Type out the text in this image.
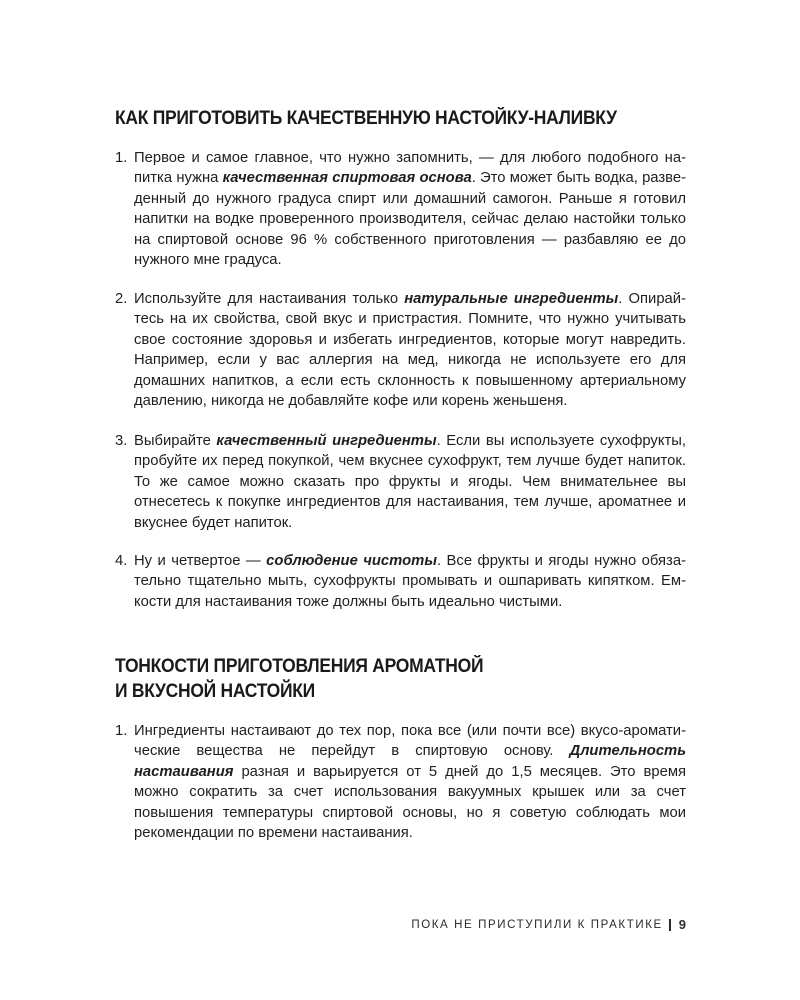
КАК ПРИГОТОВИТЬ КАЧЕСТВЕННУЮ НАСТОЙКУ-НАЛИВКУ
1. Первое и самое главное, что нужно запомнить, — для любого подобного напитка нужна качественная спиртовая основа. Это может быть водка, разведенный до нужного градуса спирт или домашний самогон. Раньше я готовил напитки на водке проверенного производителя, сейчас делаю настойки только на спиртовой основе 96 % собственного приготовления — разбавляю ее до нужного мне градуса.
2. Используйте для настаивания только натуральные ингредиенты. Опирайтесь на их свойства, свой вкус и пристрастия. Помните, что нужно учитывать свое состояние здоровья и избегать ингредиентов, которые могут навредить. Например, если у вас аллергия на мед, никогда не используете его для домашних напитков, а если есть склонность к повышенному артериальному давлению, никогда не добавляйте кофе или корень женьшеня.
3. Выбирайте качественный ингредиенты. Если вы используете сухофрукты, пробуйте их перед покупкой, чем вкуснее сухофрукт, тем лучше будет напиток. То же самое можно сказать про фрукты и ягоды. Чем внимательнее вы отнесетесь к покупке ингредиентов для настаивания, тем лучше, ароматнее и вкуснее будет напиток.
4. Ну и четвертое — соблюдение чистоты. Все фрукты и ягоды нужно обязательно тщательно мыть, сухофрукты промывать и ошпаривать кипятком. Емкости для настаивания тоже должны быть идеально чистыми.
ТОНКОСТИ ПРИГОТОВЛЕНИЯ АРОМАТНОЙ
И ВКУСНОЙ НАСТОЙКИ
1. Ингредиенты настаивают до тех пор, пока все (или почти все) вкусо-ароматические вещества не перейдут в спиртовую основу. Длительность настаивания разная и варьируется от 5 дней до 1,5 месяцев. Это время можно сократить за счет использования вакуумных крышек или за счет повышения температуры спиртовой основы, но я советую соблюдать мои рекомендации по времени настаивания.
ПОКА НЕ ПРИСТУПИЛИ К ПРАКТИКЕ 9
